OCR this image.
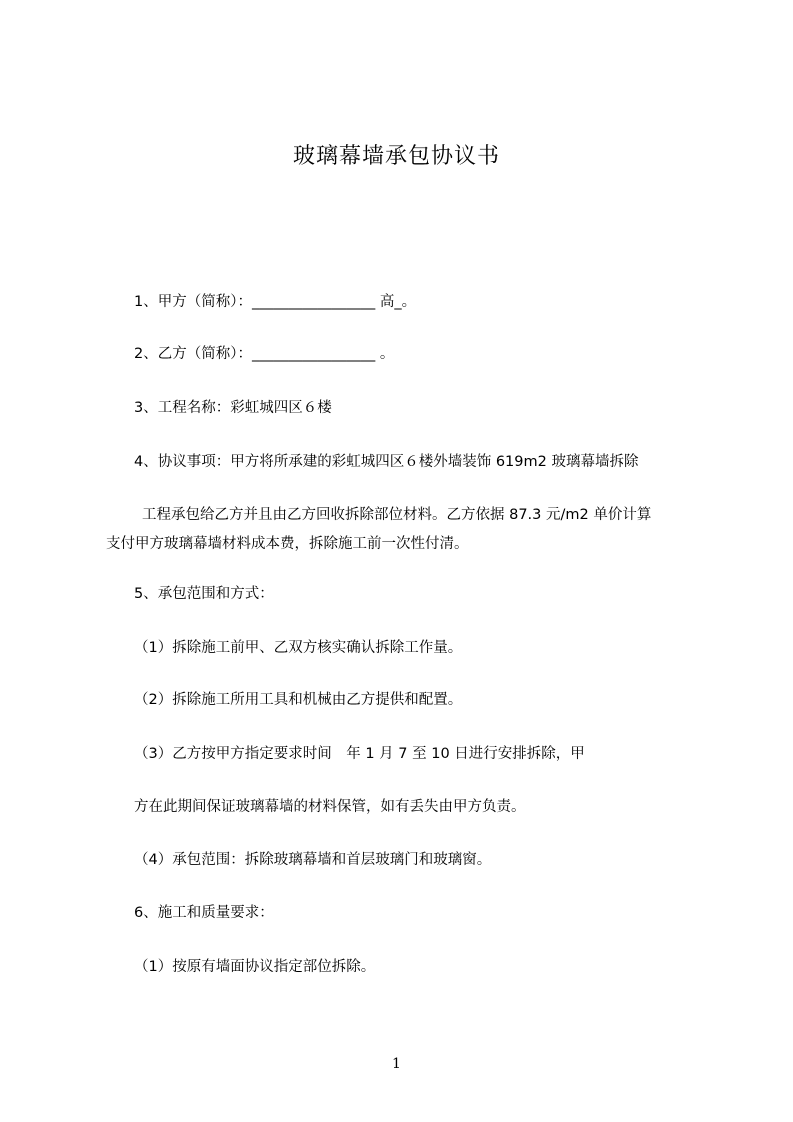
玻璃幕墙承包协议书
1、甲方（简称）：_________________ 高_。
2、乙方（简称）：_________________ 。
3、工程名称：彩虹城四区６楼
4、协议事项：甲方将所承建的彩虹城四区６楼外墙装饰 619m2 玻璃幕墙拆除
工程承包给乙方并且由乙方回收拆除部位材料。乙方依据 87.3 元/m2 单价计算
支付甲方玻璃幕墙材料成本费，拆除施工前一次性付清。
5、承包范围和方式：
（1）拆除施工前甲、乙双方核实确认拆除工作量。
（2）拆除施工所用工具和机械由乙方提供和配置。
（3）乙方按甲方指定要求时间　年 1 月 7 至 10 日进行安排拆除，甲
方在此期间保证玻璃幕墙的材料保管，如有丢失由甲方负责。
（4）承包范围：拆除玻璃幕墙和首层玻璃门和玻璃窗。
6、施工和质量要求：
（1）按原有墙面协议指定部位拆除。
1
